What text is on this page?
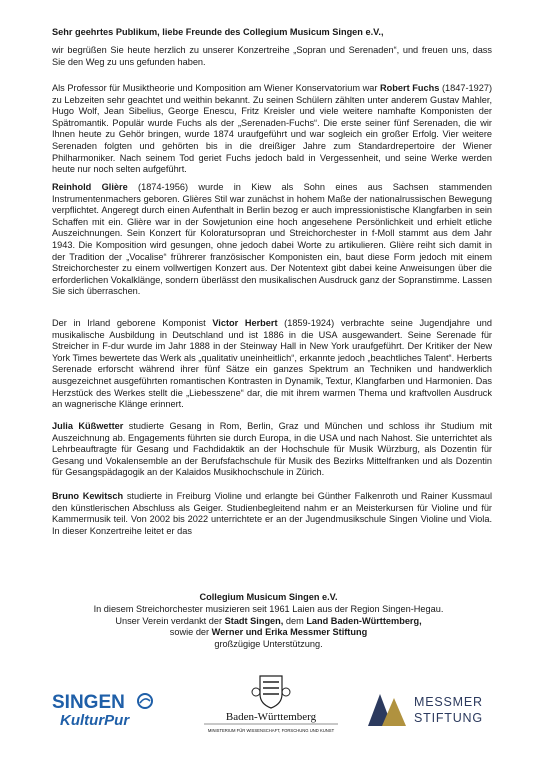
Sehr geehrtes Publikum, liebe Freunde des Collegium Musicum Singen e.V.,

wir begrüßen Sie heute herzlich zu unserer Konzertreihe „Sopran und Serenaden“, und freuen uns, dass Sie den Weg zu uns gefunden haben.

Als Professor für Musiktheorie und Komposition am Wiener Konservatorium war Robert Fuchs (1847-1927) zu Lebzeiten sehr geachtet und weithin bekannt. Zu seinen Schülern zählten unter anderem Gustav Mahler, Hugo Wolf, Jean Sibelius, George Enescu, Fritz Kreisler und viele weitere namhafte Komponisten der Spätromantik. Populär wurde Fuchs als der „Serenaden-Fuchs“. Die erste seiner fünf Serenaden, die wir Ihnen heute zu Gehör bringen, wurde 1874 uraufgeführt und war sogleich ein großer Erfolg. Vier weitere Serenaden folgten und gehörten bis in die dreißiger Jahre zum Standardrepertoire der Wiener Philharmoniker. Nach seinem Tod geriet Fuchs jedoch bald in Vergessenheit, und seine Werke werden heute nur noch selten aufgeführt.

Reinhold Glière (1874-1956) wurde in Kiew als Sohn eines aus Sachsen stammenden Instrumentenmachers geboren. Glières Stil war zunächst in hohem Maße der nationalrussischen Bewegung verpflichtet. Angeregt durch einen Aufenthalt in Berlin bezog er auch impressionistische Klangfarben in sein Schaffen mit ein. Glière war in der Sowjetunion eine hoch angesehene Persönlichkeit und erhielt etliche Auszeichnungen. Sein Konzert für Koloratursopran und Streichorchester in f-Moll stammt aus dem Jahr 1943. Die Komposition wird gesungen, ohne jedoch dabei Worte zu artikulieren. Glière reiht sich damit in der Tradition der „Vocalise“ frührerer französischer Komponisten ein, baut diese Form jedoch mit einem Streichorchester zu einem vollwertigen Konzert aus. Der Notentext gibt dabei keine Anweisungen über die erforderlichen Vokalklänge, sondern überlässt den musikalischen Ausdruck ganz der Sopranstimme. Lassen Sie sich überraschen.

Der in Irland geborene Komponist Victor Herbert (1859-1924) verbrachte seine Jugendjahre und musikalische Ausbildung in Deutschland und ist 1886 in die USA ausgewandert. Seine Serenade für Streicher in F-dur wurde im Jahr 1888 in der Steinway Hall in New York uraufgeführt. Der Kritiker der New York Times bewertete das Werk als „qualitativ uneinheitlich“, erkannte jedoch „beachtliches Talent“. Herberts Serenade erforscht während ihrer fünf Sätze ein ganzes Spektrum an Techniken und handwerklich ausgezeichnet ausgeführten romantischen Kontrasten in Dynamik, Textur, Klangfarben und Harmonien. Das Herzstück des Werkes stellt die „Liebesszene“ dar, die mit ihrem warmen Thema und kraftvollen Ausdruck an wagnerische Klänge erinnert.

Julia Küßwetter studierte Gesang in Rom, Berlin, Graz und München und schloss ihr Studium mit Auszeichnung ab. Engagements führten sie durch Europa, in die USA und nach Nahost. Sie unterrichtet als Lehrbeauftragte für Gesang und Fachdidaktik an der Hochschule für Musik Würzburg, als Dozentin für Gesang und Vokalensemble an der Berufsfachschule für Musik des Bezirks Mittelfranken und als Dozentin für Gesangspädagogik an der Kalaidos Musikhochschule in Zürich.

Bruno Kewitsch studierte in Freiburg Violine und erlangte bei Günther Falkenroth und Rainer Kussmaul den künstlerischen Abschluss als Geiger. Studienbegleitend nahm er an Meisterkursen für Violine und für Kammermusik teil. Von 2002 bis 2022 unterrichtete er an der Jugendmusikschule Singen Violine und Viola. In dieser Konzertreihe leitet er das

Collegium Musicum Singen e.V.
In diesem Streichorchester musizieren seit 1961 Laien aus der Region Singen-Hegau.
Unser Verein verdankt der Stadt Singen, dem Land Baden-Württemberg,
sowie der Werner und Erika Messmer Stiftung
großzügige Unterstützung.
SINGEN
KulturPur	Baden-Württemberg
MINISTERIUM FÜR WISSENSCHAFT, FORSCHUNG UND KUNST
MESSMER
STIFTUNG
